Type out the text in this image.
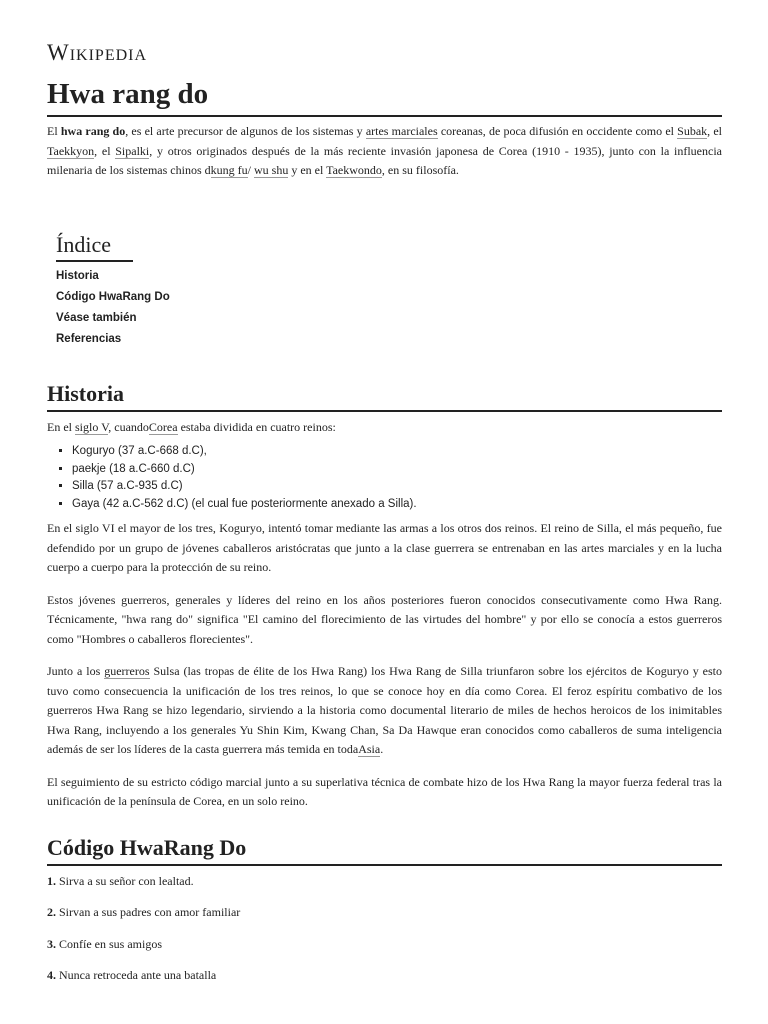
Wikipedia
Hwa rang do

El hwa rang do, es el arte precursor de algunos de los sistemas y artes marciales coreanas, de poca difusión en occidente como el Subak, el Taekkyon, el Sipalki, y otros originados después de la más reciente invasión japonesa de Corea (1910 - 1935), junto con la influencia milenaria de los sistemas chinos dkung fu/ wu shu y en el Taekwondo, en su filosofía.

Índice
Historia
Código HwaRang Do
Véase también
Referencias
Historia

En el siglo V, cuandoCorea estaba dividida en cuatro reinos:

▪ Koguryo (37 a.C-668 d.C),
▪ paekje (18 a.C-660 d.C)
▪ Silla (57 a.C-935 d.C)
▪ Gaya (42 a.C-562 d.C) (el cual fue posteriormente anexado a Silla).

En el siglo VI el mayor de los tres, Koguryo, intentó tomar mediante las armas a los otros dos reinos. El reino de Silla, el más pequeño, fue defendido por un grupo de jóvenes caballeros aristócratas que junto a la clase guerrera se entrenaban en las artes marciales y en la lucha cuerpo a cuerpo para la protección de su reino.

Estos jóvenes guerreros, generales y líderes del reino en los años posteriores fueron conocidos consecutivamente como Hwa Rang. Técnicamente, "hwa rang do" significa "El camino del florecimiento de las virtudes del hombre" y por ello se conocía a estos guerreros como "Hombres o caballeros florecientes".

Junto a los guerreros Sulsa (las tropas de élite de los Hwa Rang) los Hwa Rang de Silla triunfaron sobre los ejércitos de Koguryo y esto tuvo como consecuencia la unificación de los tres reinos, lo que se conoce hoy en día como Corea. El feroz espíritu combativo de los guerreros Hwa Rang se hizo legendario, sirviendo a la historia como documental literario de miles de hechos heroicos de los inimitables Hwa Rang, incluyendo a los generales Yu Shin Kim, Kwang Chan, Sa Da Hawque eran conocidos como caballeros de suma inteligencia además de ser los líderes de la casta guerrera más temida en todaAsia.

El seguimiento de su estricto código marcial junto a su superlativa técnica de combate hizo de los Hwa Rang la mayor fuerza federal tras la unificación de la península de Corea, en un solo reino.

Código HwaRang Do

1. Sirva a su señor con lealtad.

2. Sirvan a sus padres con amor familiar

3. Confíe en sus amigos

4. Nunca retroceda ante una batalla
